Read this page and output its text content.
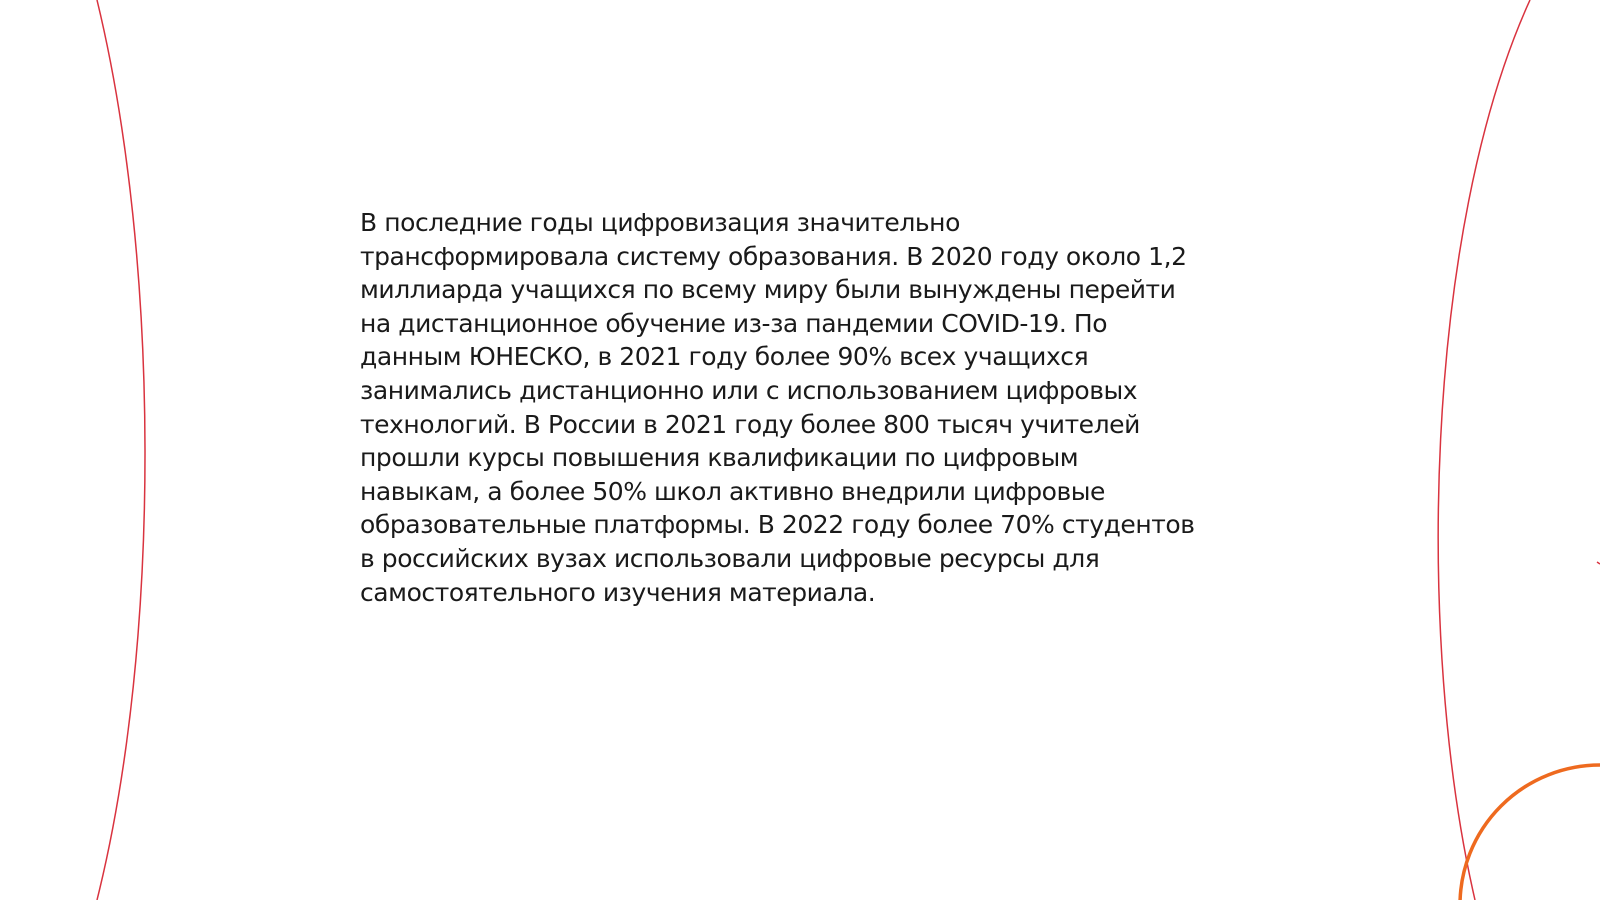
В последние годы цифровизация значительно
трансформировала систему образования. В 2020 году около 1,2
миллиарда учащихся по всему миру были вынуждены перейти
на дистанционное обучение из-за пандемии COVID-19. По
данным ЮНЕСКО, в 2021 году более 90% всех учащихся
занимались дистанционно или с использованием цифровых
технологий. В России в 2021 году более 800 тысяч учителей
прошли курсы повышения квалификации по цифровым
навыкам, а более 50% школ активно внедрили цифровые
образовательные платформы. В 2022 году более 70% студентов
в российских вузах использовали цифровые ресурсы для
самостоятельного изучения материала.
